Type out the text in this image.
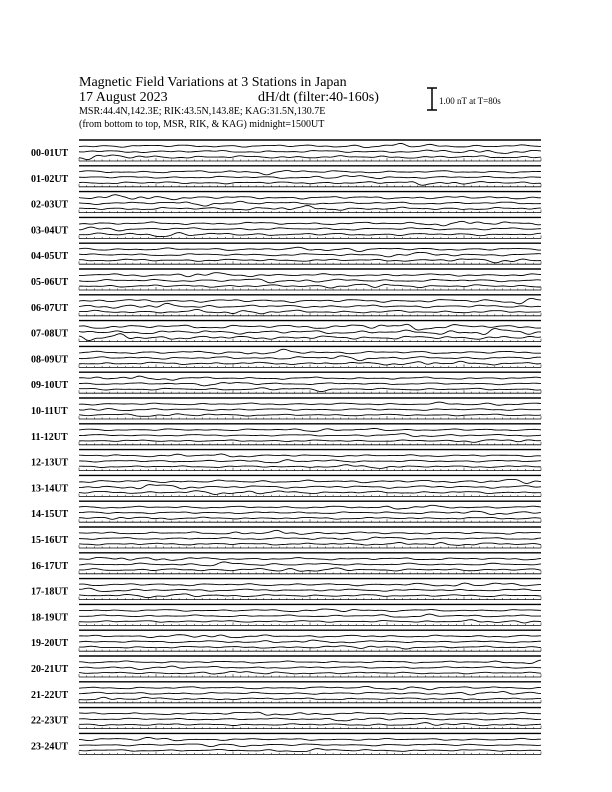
Magnetic Field Variations at 3 Stations in Japan
17 August 2023	dH/dt (filter:40-160s)
MSR:44.4N,142.3E; RIK:43.5N,143.8E; KAG:31.5N,130.7E
(from bottom to top, MSR, RIK, & KAG) midnight=1500UT
1.00 nT at T=80s
00-01UT
01-02UT
02-03UT
03-04UT
04-05UT
05-06UT
06-07UT
07-08UT
08-09UT
09-10UT
10-11UT
11-12UT
12-13UT
13-14UT
14-15UT
15-16UT
16-17UT
17-18UT
18-19UT
19-20UT
20-21UT
21-22UT
22-23UT
23-24UT
